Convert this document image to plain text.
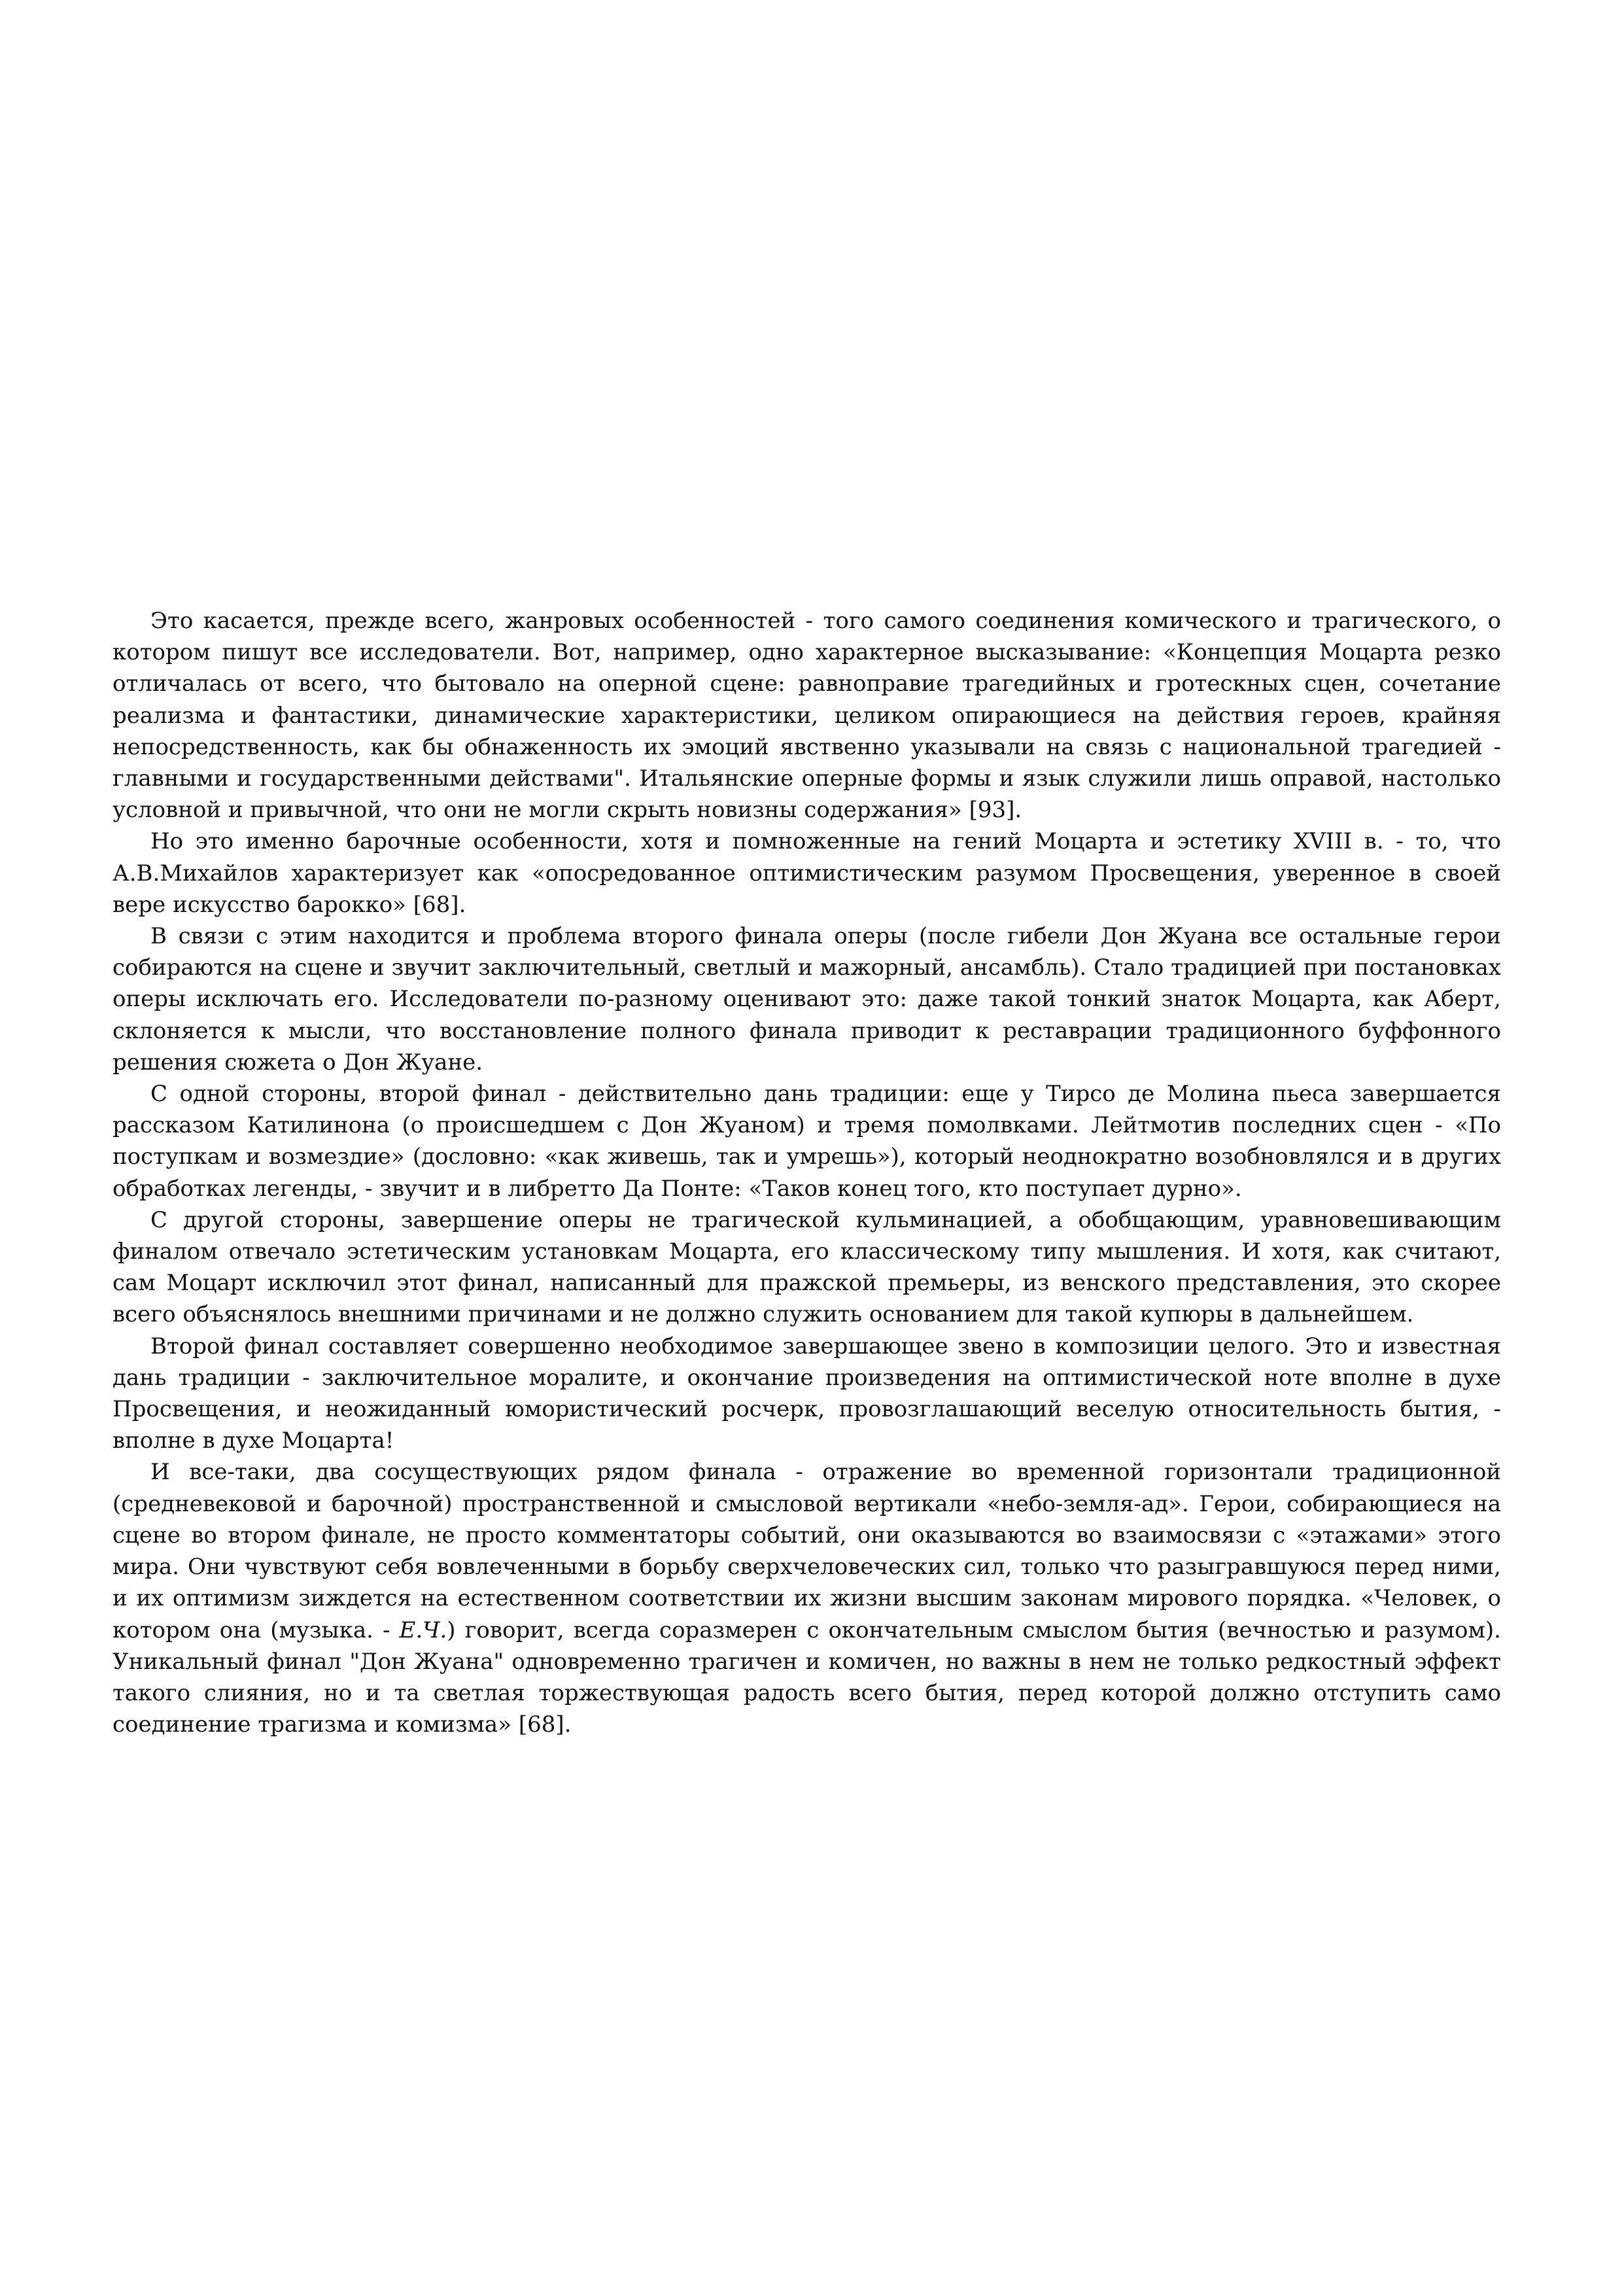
Это касается, прежде всего, жанровых особенностей - того самого соединения комического и трагического, о котором пишут все исследователи. Вот, например, одно характерное высказывание: «Концепция Моцарта резко отличалась от всего, что бытовало на оперной сцене: равноправие трагедийных и гротескных сцен, сочетание реализма и фантастики, динамические характеристики, целиком опирающиеся на действия героев, крайняя непосредственность, как бы обнаженность их эмоций явственно указывали на связь с национальной трагедией - главными и государственными действами". Итальянские оперные формы и язык служили лишь оправой, настолько условной и привычной, что они не могли скрыть новизны содержания» [93].

Но это именно барочные особенности, хотя и помноженные на гений Моцарта и эстетику XVIII в. - то, что А.В.Михайлов характеризует как «опосредованное оптимистическим разумом Просвещения, уверенное в своей вере искусство барокко» [68].

В связи с этим находится и проблема второго финала оперы (после гибели Дон Жуана все остальные герои собираются на сцене и звучит заключительный, светлый и мажорный, ансамбль). Стало традицией при постановках оперы исключать его. Исследователи по-разному оценивают это: даже такой тонкий знаток Моцарта, как Аберт, склоняется к мысли, что восстановление полного финала приводит к реставрации традиционного буффонного решения сюжета о Дон Жуане.

С одной стороны, второй финал - действительно дань традиции: еще у Тирсо де Молина пьеса завершается рассказом Катилинона (о происшедшем с Дон Жуаном) и тремя помолвками. Лейтмотив последних сцен - «По поступкам и возмездие» (дословно: «как живешь, так и умрешь»), который неоднократно возобновлялся и в других обработках легенды, - звучит и в либретто Да Понте: «Таков конец того, кто поступает дурно».

С другой стороны, завершение оперы не трагической кульминацией, а обобщающим, уравновешивающим финалом отвечало эстетическим установкам Моцарта, его классическому типу мышления. И хотя, как считают, сам Моцарт исключил этот финал, написанный для пражской премьеры, из венского представления, это скорее всего объяснялось внешними причинами и не должно служить основанием для такой купюры в дальнейшем.

Второй финал составляет совершенно необходимое завершающее звено в композиции целого. Это и известная дань традиции - заключительное моралите, и окончание произведения на оптимистической ноте вполне в духе Просвещения, и неожиданный юмористический росчерк, провозглашающий веселую относительность бытия, - вполне в духе Моцарта!

И все-таки, два сосуществующих рядом финала - отражение во временной горизонтали традиционной (средневековой и барочной) пространственной и смысловой вертикали «небо-земля-ад». Герои, собирающиеся на сцене во втором финале, не просто комментаторы событий, они оказываются во взаимосвязи с «этажами» этого мира. Они чувствуют себя вовлеченными в борьбу сверхчеловеческих сил, только что разыгравшуюся перед ними, и их оптимизм зиждется на естественном соответствии их жизни высшим законам мирового порядка. «Человек, о котором она (музыка. - Е.Ч.) говорит, всегда соразмерен с окончательным смыслом бытия (вечностью и разумом). Уникальный финал "Дон Жуана" одновременно трагичен и комичен, но важны в нем не только редкостный эффект такого слияния, но и та светлая торжествующая радость всего бытия, перед которой должно отступить само соединение трагизма и комизма» [68].
